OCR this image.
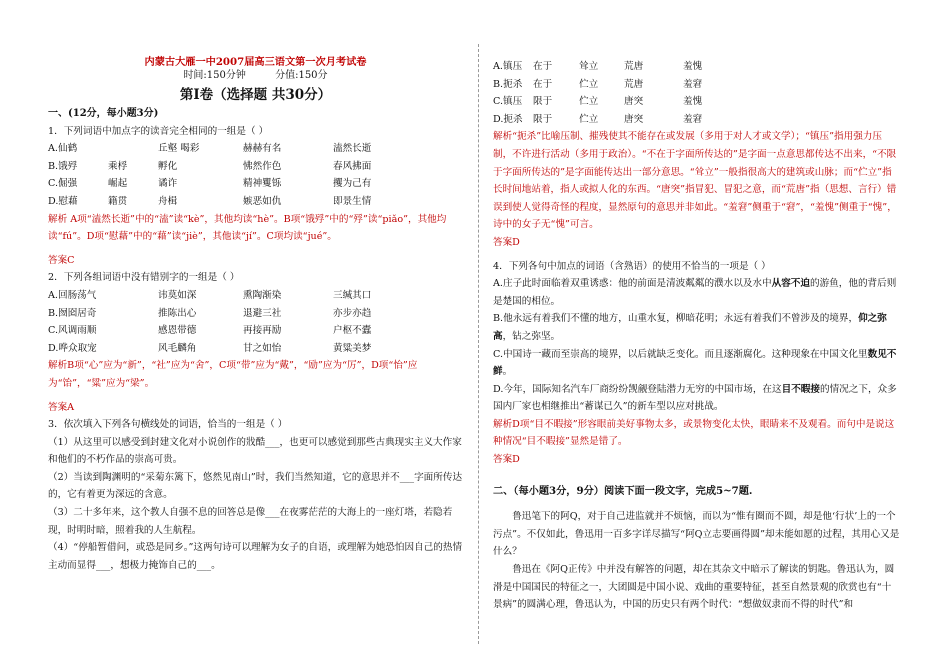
内蒙古大雁一中2007届高三语文第一次月考试卷
时间:150分钟	分值:150分
第Ⅰ卷（选择题 共30分）
一、(12分，每小题3分)
1．下列词语中加点字的读音完全相同的一组是（ ）
A.仙鹤	丘壑 喝彩	赫赫有名	溘然长逝
B.饿殍	乘桴	孵化	怫然作色	春风拂面
C.倔强	崛起	谲诈	精神矍铄	攫为己有
D.慰藉	籍贯	舟楫	嫉恶如仇	即景生情
解析 A项“溘然长逝”中的“溘”读“kè”，其他均读“hè”。B项“饿殍”中的“殍”读“piǎo”，其他均读“fú”。D项“慰藉”中的“藉”读“jiè”，其他读“jí”。C项均读“jué”。
答案C
2．下列各组词语中没有错别字的一组是（ ）
A.回肠荡气	讳莫如深	熏陶渐染	三缄其口
B.囫囵居奇	推陈出心	退避三社	亦步亦趋
C.风调雨顺	感恩带德	再接再励	户枢不蠹
D.哗众取宠	风毛麟角	甘之如怡	黄粱美梦
解析B项“心”应为“新”，“社”应为“舍”，C项“带”应为“戴”，“励”应为“厉”，D项“怡”应为“饴”，“粱”应为“梁”。
答案A
3．依次填入下列各句横线处的词语，恰当的一组是（ ）
（1）从这里可以感受到封建文化对小说创作的戕酷___，也更可以感觉到那些古典现实主义大作家和他们的不朽作品的崇高可贵。
（2）当读到陶渊明的“采菊东篱下，悠然见南山”时，我们当然知道，它的意思并不___字面所传达的，它有着更为深远的含意。
（3）二十多年来，这个教人自强不息的回答总是像___在夜雾茫茫的大海上的一座灯塔，若隐若现，时明时暗，照着我的人生航程。
（4）“停船暂借问，或恐是同乡。”这两句诗可以理解为女子的自语，或理解为她恐怕因自己的热情主动而显得___，想极力掩饰自己的___。
A.镇压	在于	耸立	荒唐	羞愧
B.扼杀	在于	伫立	荒唐	羞窘
C.镇压	限于	伫立	唐突	羞愧
D.扼杀	限于	伫立	唐突	羞窘
解析“扼杀”比喻压制、摧残使其不能存在或发展（多用于对人才或文学）；“镇压”指用强力压制，不许进行活动（多用于政治）。“不在于字面所传达的”是字面一点意思都传达不出来，“不限于字面所传达的”是字面能传达出一部分意思。“耸立”一般指很高大的建筑或山脉；而“伫立”指长时间地站着，指人或拟人化的东西。“唐突”指冒犯、冒犯之意，而“荒唐”指（思想、言行）错误到使人觉得奇怪的程度，显然原句的意思并非如此。“羞窘”侧重于“窘”，“羞愧”侧重于“愧”，诗中的女子无“愧”可言。
答案D
4．下列各句中加点的词语（含熟语）的使用不恰当的一项是（ ）
A.庄子此时面临着双重诱惑：他的前面是清波粼粼的濮水以及水中从容不迫的游鱼，他的背后则是楚国的相位。
B.他永远有着我们不懂的地方，山重水复，柳暗花明；永远有着我们不曾涉及的境界，仰之弥高，钻之弥坚。
C.中国诗一藏而至崇高的境界，以后就缺乏变化。而且逐渐腐化。这种现象在中国文化里数见不鲜。
D.今年，国际知名汽车厂商纷纷觊觎登陆潜力无穷的中国市场，在这目不暇接的情况之下，众多国内厂家也相继推出“蓄谋已久”的新车型以应对挑战。
解析D项“目不暇接”形容眼前美好事物太多，或景物变化太快，眼睛来不及观看。而句中是说这种情况“目不暇接”显然是错了。
答案D
二、（每小题3分，9分）阅读下面一段文字，完成5~7题.
鲁迅笔下的阿Q，对于自己进监就并不烦恼，而以为“惟有圈而不圆，却是他‘行状’上的一个污点”。不仅如此，鲁迅用一百多字详尽描写“阿Q立志要画得圆”却未能如愿的过程，其用心又是什么？
鲁迅在《阿Q正传》中并没有解答的问题，却在其杂文中暗示了解读的钥匙。鲁迅认为，圆滑是中国国民的特征之一，大团圆是中国小说、戏曲的重要特征，甚至自然景观的欣赏也有“十景病”的圆满心理，鲁迅认为，中国的历史只有两个时代：“想做奴隶而不得的时代”和
